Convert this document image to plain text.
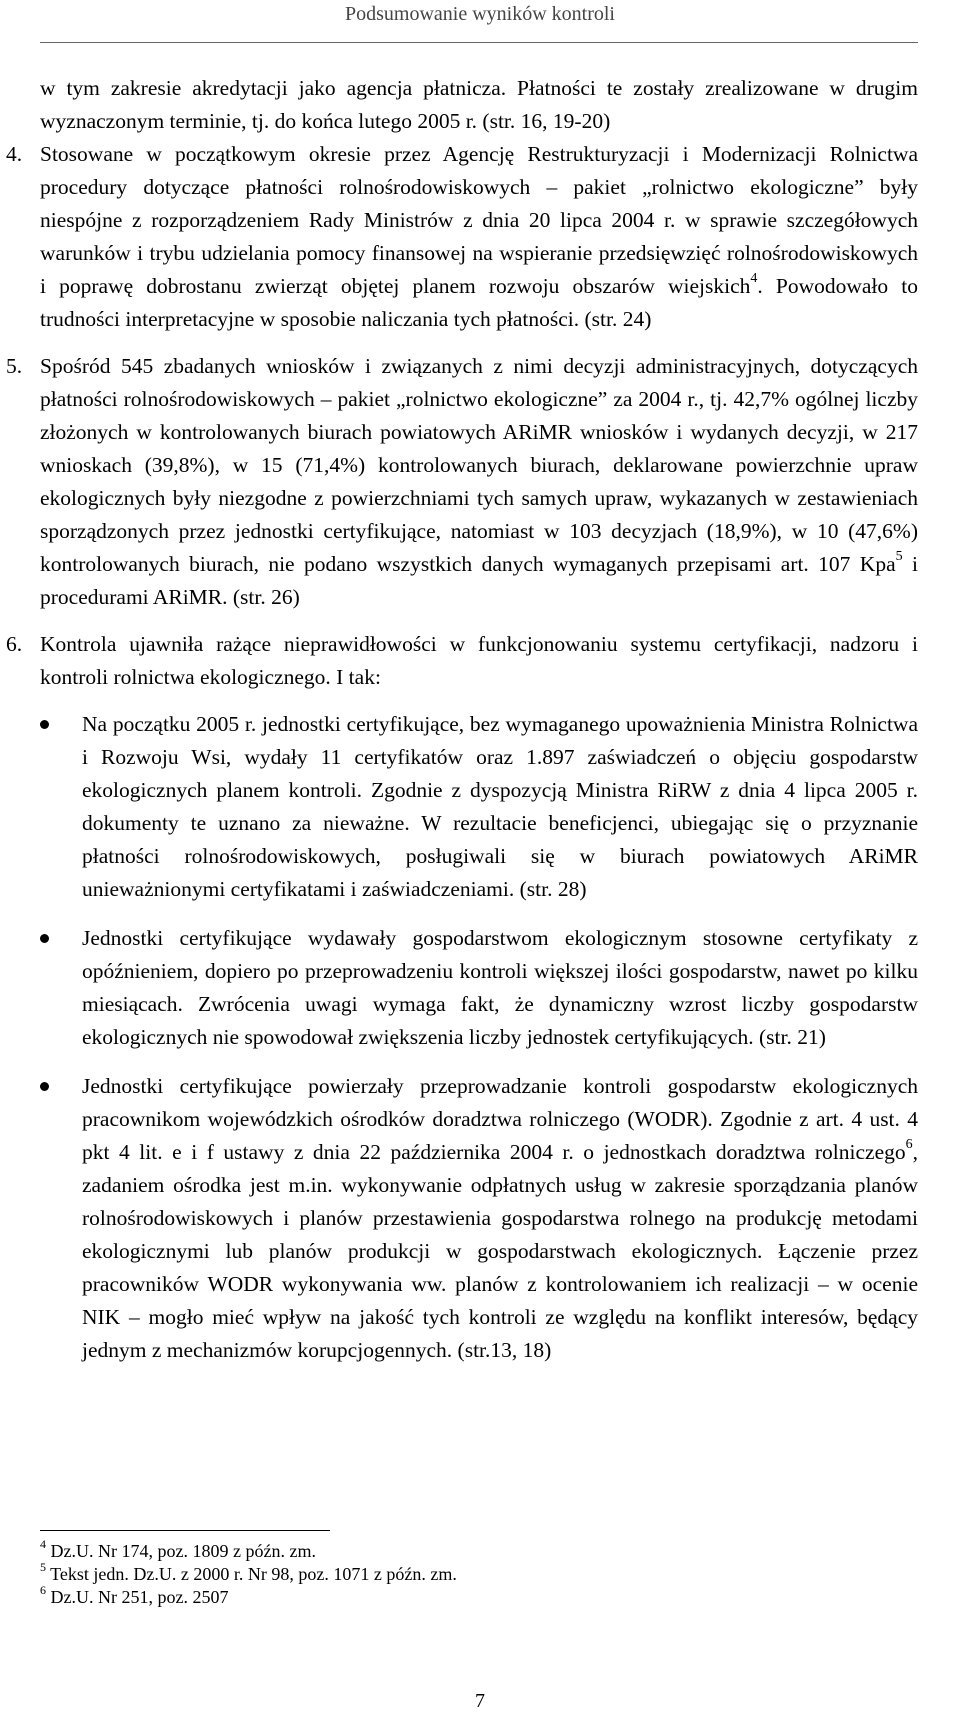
Podsumowanie wyników kontroli

w tym zakresie akredytacji jako agencja płatnicza. Płatności te zostały zrealizowane w drugim wyznaczonym terminie, tj. do końca lutego 2005 r. (str. 16, 19-20)

4. Stosowane w początkowym okresie przez Agencję Restrukturyzacji i Modernizacji Rolnictwa procedury dotyczące płatności rolnośrodowiskowych – pakiet „rolnictwo ekologiczne” były niespójne z rozporządzeniem Rady Ministrów z dnia 20 lipca 2004 r. w sprawie szczegółowych warunków i trybu udzielania pomocy finansowej na wspieranie przedsięwzięć rolnośrodowiskowych i poprawę dobrostanu zwierząt objętej planem rozwoju obszarów wiejskich$^4$. Powodowało to trudności interpretacyjne w sposobie naliczania tych płatności. (str. 24)

5. Spośród 545 zbadanych wniosków i związanych z nimi decyzji administracyjnych, dotyczących płatności rolnośrodowiskowych – pakiet „rolnictwo ekologiczne” za 2004 r., tj. 42,7% ogólnej liczby złożonych w kontrolowanych biurach powiatowych ARiMR wniosków i wydanych decyzji, w 217 wnioskach (39,8%), w 15 (71,4%) kontrolowanych biurach, deklarowane powierzchnie upraw ekologicznych były niezgodne z powierzchniami tych samych upraw, wykazanych w zestawieniach sporządzonych przez jednostki certyfikujące, natomiast w 103 decyzjach (18,9%), w 10 (47,6%) kontrolowanych biurach, nie podano wszystkich danych wymaganych przepisami art. 107 Kpa$^5$ i procedurami ARiMR. (str. 26)

6. Kontrola ujawniła rażące nieprawidłowości w funkcjonowaniu systemu certyfikacji, nadzoru i kontroli rolnictwa ekologicznego. I tak:

Na początku 2005 r. jednostki certyfikujące, bez wymaganego upoważnienia Ministra Rolnictwa i Rozwoju Wsi, wydały 11 certyfikatów oraz 1.897 zaświadczeń o objęciu gospodarstw ekologicznych planem kontroli. Zgodnie z dyspozycją Ministra RiRW z dnia 4 lipca 2005 r. dokumenty te uznano za nieważne. W rezultacie beneficjenci, ubiegając się o przyznanie płatności rolnośrodowiskowych, posługiwali się w biurach powiatowych ARiMR unieważnionymi certyfikatami i zaświadczeniami. (str. 28)
Jednostki certyfikujące wydawały gospodarstwom ekologicznym stosowne certyfikaty z opóźnieniem, dopiero po przeprowadzeniu kontroli większej ilości gospodarstw, nawet po kilku miesiącach. Zwrócenia uwagi wymaga fakt, że dynamiczny wzrost liczby gospodarstw ekologicznych nie spowodował zwiększenia liczby jednostek certyfikujących. (str. 21)
Jednostki certyfikujące powierzały przeprowadzanie kontroli gospodarstw ekologicznych pracownikom wojewódzkich ośrodków doradztwa rolniczego (WODR). Zgodnie z art. 4 ust. 4 pkt 4 lit. e i f ustawy z dnia 22 października 2004 r. o jednostkach doradztwa rolniczego$^6$, zadaniem ośrodka jest m.in. wykonywanie odpłatnych usług w zakresie sporządzania planów rolnośrodowiskowych i planów przestawienia gospodarstwa rolnego na produkcję metodami ekologicznymi lub planów produkcji w gospodarstwach ekologicznych. Łączenie przez pracowników WODR wykonywania ww. planów z kontrolowaniem ich realizacji – w ocenie NIK – mogło mieć wpływ na jakość tych kontroli ze względu na konflikt interesów, będący jednym z mechanizmów korupcjogennych. (str.13, 18)
$^4$ Dz.U. Nr 174, poz. 1809 z późn. zm.
$^5$ Tekst jedn. Dz.U. z 2000 r. Nr 98, poz. 1071 z późn. zm.
$^6$ Dz.U. Nr 251, poz. 2507
7
